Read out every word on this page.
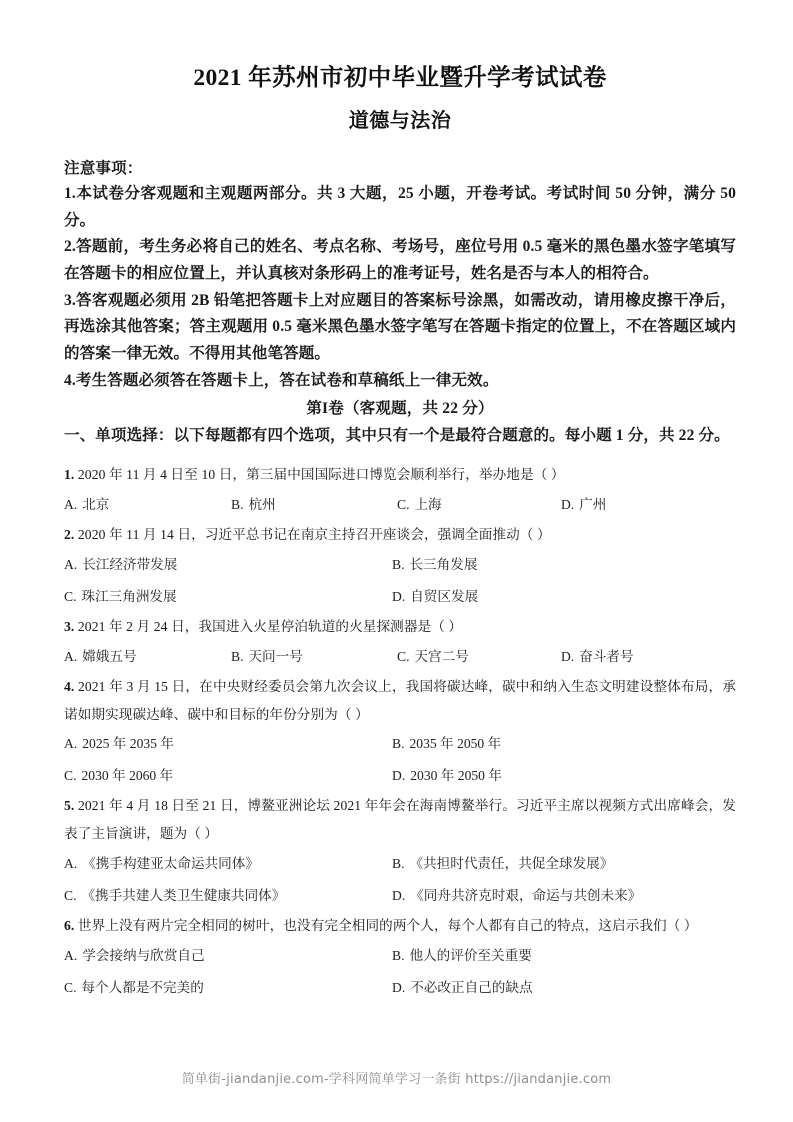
2021 年苏州市初中毕业暨升学考试试卷
道德与法治
注意事项：
1.本试卷分客观题和主观题两部分。共 3 大题，25 小题，开卷考试。考试时间 50 分钟，满分 50 分。
2.答题前，考生务必将自己的姓名、考点名称、考场号，座位号用 0.5 毫米的黑色墨水签字笔填写在答题卡的相应位置上，并认真核对条形码上的准考证号，姓名是否与本人的相符合。
3.答客观题必须用 2B 铅笔把答题卡上对应题目的答案标号涂黑，如需改动，请用橡皮擦干净后，再选涂其他答案；答主观题用 0.5 毫米黑色墨水签字笔写在答题卡指定的位置上，不在答题区域内的答案一律无效。不得用其他笔答题。
4.考生答题必须答在答题卡上，答在试卷和草稿纸上一律无效。
第I卷（客观题，共 22 分）
一、单项选择：以下每题都有四个选项，其中只有一个是最符合题意的。每小题 1 分，共 22 分。
1. 2020 年 11 月 4 日至 10 日，第三届中国国际进口博览会顺利举行，举办地是（ ）
A. 北京	B. 杭州	C. 上海	D. 广州
2. 2020 年 11 月 14 日，习近平总书记在南京主持召开座谈会，强调全面推动（ ）
A. 长江经济带发展	B. 长三角发展
C. 珠江三角洲发展	D. 自贸区发展
3. 2021 年 2 月 24 日，我国进入火星停泊轨道的火星探测器是（ ）
A. 嫦娥五号	B. 天问一号	C. 天宫二号	D. 奋斗者号
4. 2021 年 3 月 15 日，在中央财经委员会第九次会议上，我国将碳达峰，碳中和纳入生态文明建设整体布局，承诺如期实现碳达峰、碳中和目标的年份分别为（ ）
A. 2025 年 2035 年	B. 2035 年 2050 年
C. 2030 年 2060 年	D. 2030 年 2050 年
5. 2021 年 4 月 18 日至 21 日，博鳌亚洲论坛 2021 年年会在海南博鳌举行。习近平主席以视频方式出席峰会，发表了主旨演讲，题为（ ）
A. 《携手构建亚太命运共同体》	B. 《共担时代责任，共促全球发展》
C. 《携手共建人类卫生健康共同体》	D. 《同舟共济克时艰，命运与共创未来》
6. 世界上没有两片完全相同的树叶，也没有完全相同的两个人，每个人都有自己的特点，这启示我们（ ）
A. 学会接纳与欣赏自己	B. 他人的评价至关重要
C. 每个人都是不完美的	D. 不必改正自己的缺点
简单街-jiandanjie.com-学科网简单学习一条街 https://jiandanjie.com
